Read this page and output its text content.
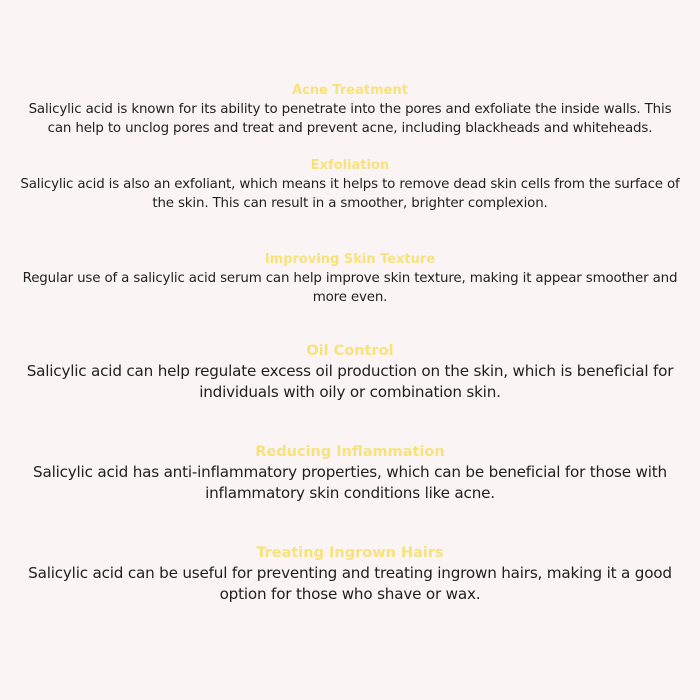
Acne Treatment

Salicylic acid is known for its ability to penetrate into the pores and exfoliate the inside walls. This can help to unclog pores and treat and prevent acne, including blackheads and whiteheads.

Exfoliation

Salicylic acid is also an exfoliant, which means it helps to remove dead skin cells from the surface of the skin. This can result in a smoother, brighter complexion.

Improving Skin Texture

Regular use of a salicylic acid serum can help improve skin texture, making it appear smoother and more even.

Oil Control

Salicylic acid can help regulate excess oil production on the skin, which is beneficial for individuals with oily or combination skin.

Reducing Inflammation

Salicylic acid has anti-inflammatory properties, which can be beneficial for those with inflammatory skin conditions like acne.

Treating Ingrown Hairs

Salicylic acid can be useful for preventing and treating ingrown hairs, making it a good option for those who shave or wax.
